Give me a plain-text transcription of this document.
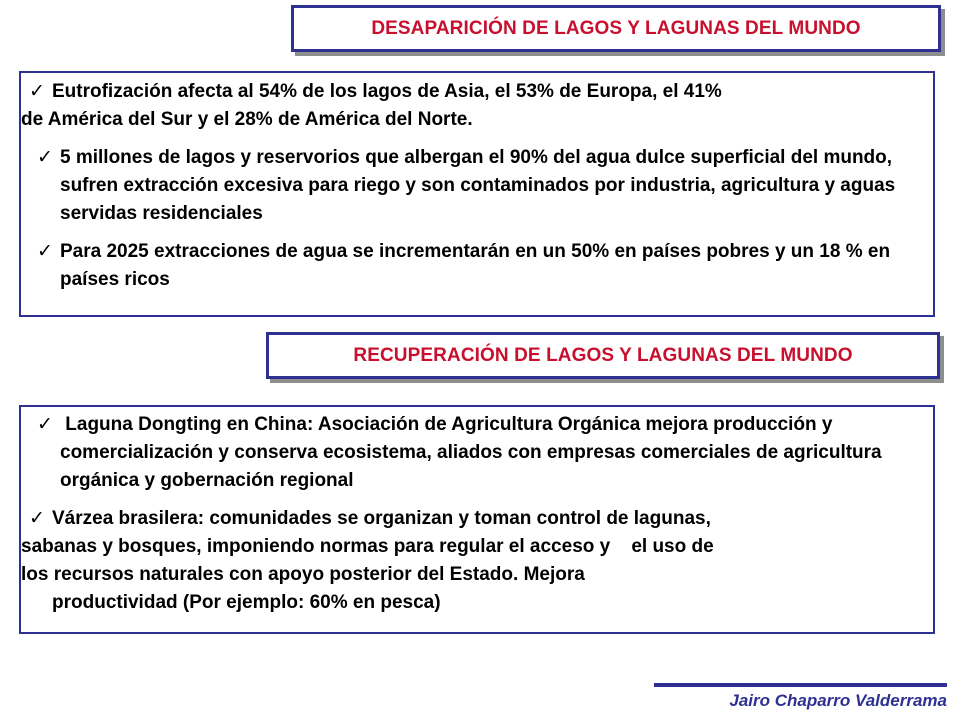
DESAPARICIÓN DE LAGOS Y LAGUNAS DEL MUNDO

✓ Eutrofización afecta al 54% de los lagos de Asia, el 53% de Europa, el 41%
de América del Sur y el 28% de América del Norte.

✓ 5 millones de lagos y reservorios que albergan el 90% del agua dulce superficial del mundo, sufren extracción excesiva para riego y son contaminados por industria, agricultura y aguas servidas residenciales

✓ Para 2025 extracciones de agua se incrementarán en un 50% en países pobres y un 18 % en países ricos

RECUPERACIÓN DE LAGOS Y LAGUNAS DEL MUNDO

✓ Laguna Dongting en China: Asociación de Agricultura Orgánica mejora producción y comercialización y conserva ecosistema, aliados con empresas comerciales de agricultura orgánica y gobernación regional

✓ Várzea brasilera: comunidades se organizan y toman control de lagunas,
sabanas y bosques, imponiendo normas para regular el acceso y    el uso de
los recursos naturales con apoyo posterior del Estado. Mejora

productividad (Por ejemplo: 60% en pesca)

Jairo Chaparro Valderrama
